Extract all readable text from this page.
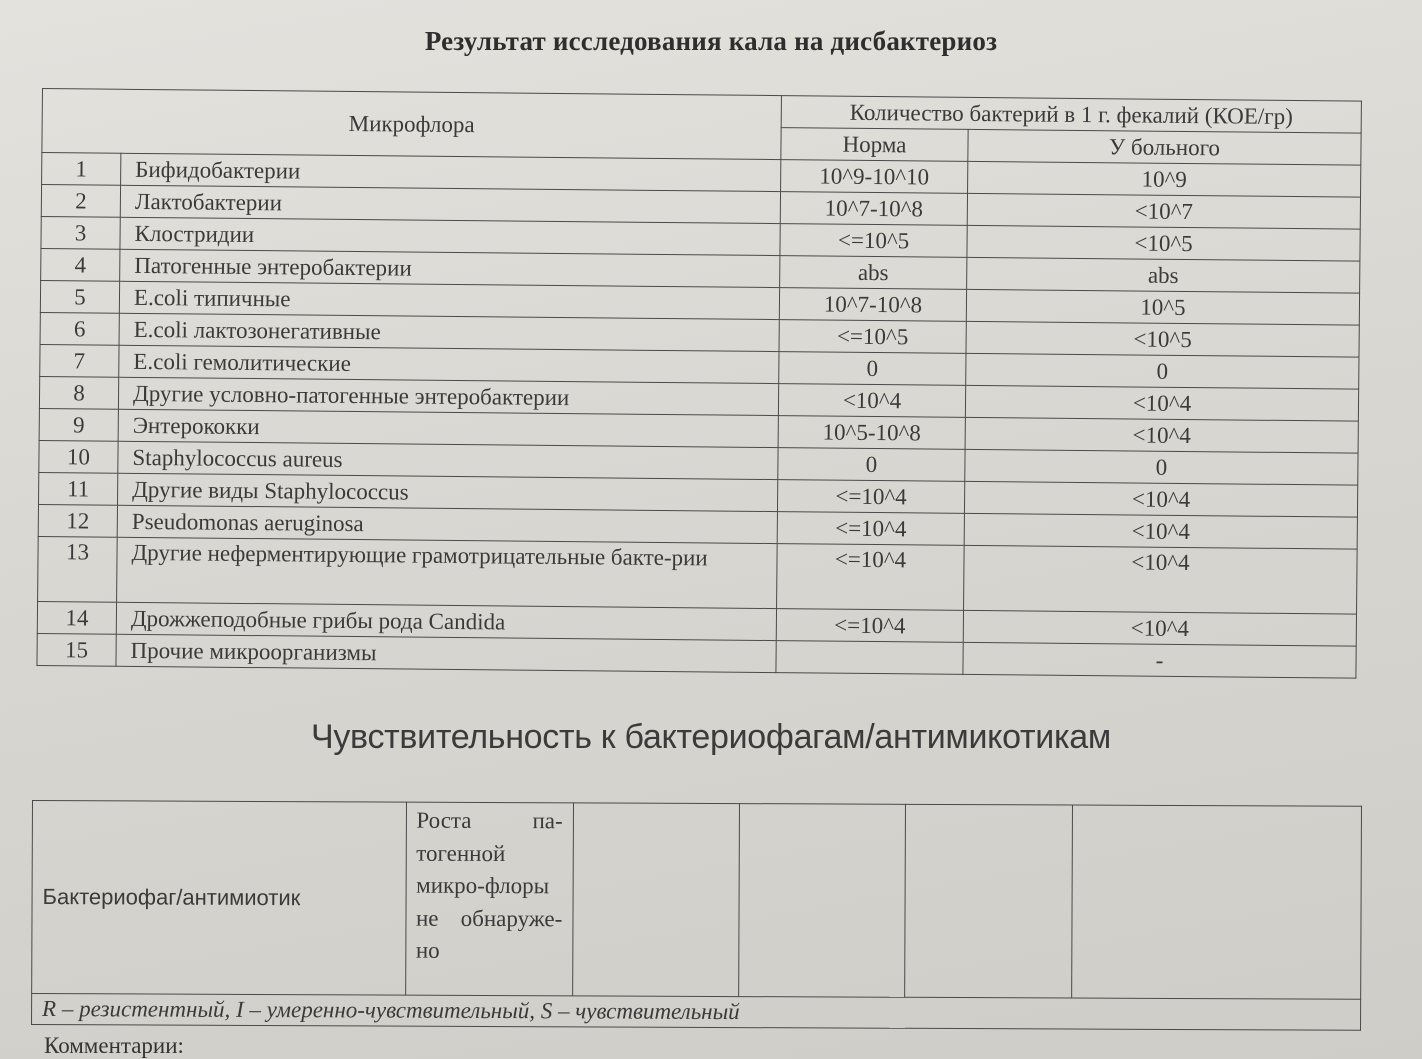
Результат исследования кала на дисбактериоз
Микрофлора		Количество бактерий в 1 г. фекалий (КОЕ/гр)	
		Норма	У больного
1	Бифидобактерии	10^9-10^10	10^9
2	Лактобактерии	10^7-10^8	<10^7
3	Клостридии	<=10^5	<10^5
4	Патогенные энтеробактерии	abs	abs
5	E.coli типичные	10^7-10^8	10^5
6	E.coli лактозонегативные	<=10^5	<10^5
7	E.coli гемолитические	0	0
8	Другие условно-патогенные энтеробактерии	<10^4	<10^4
9	Энтерококки	10^5-10^8	<10^4
10	Staphylococcus aureus	0	0
11	Другие виды Staphylococcus	<=10^4	<10^4
12	Pseudomonas aeruginosa	<=10^4	<10^4
13	Другие неферментирующие грамотрицательные бакте-рии	<=10^4	<10^4
14	Дрожжеподобные грибы рода Candida	<=10^4	<10^4
15	Прочие микроорганизмы		-
Чувствительность к бактериофагам/антимикотикам
Бактериофаг/антимиотик	Роста па-тогенной микро-флоры не обнаруже-но				
R – резистентный, I – умеренно-чувствительный, S – чувствительный
Комментарии:
